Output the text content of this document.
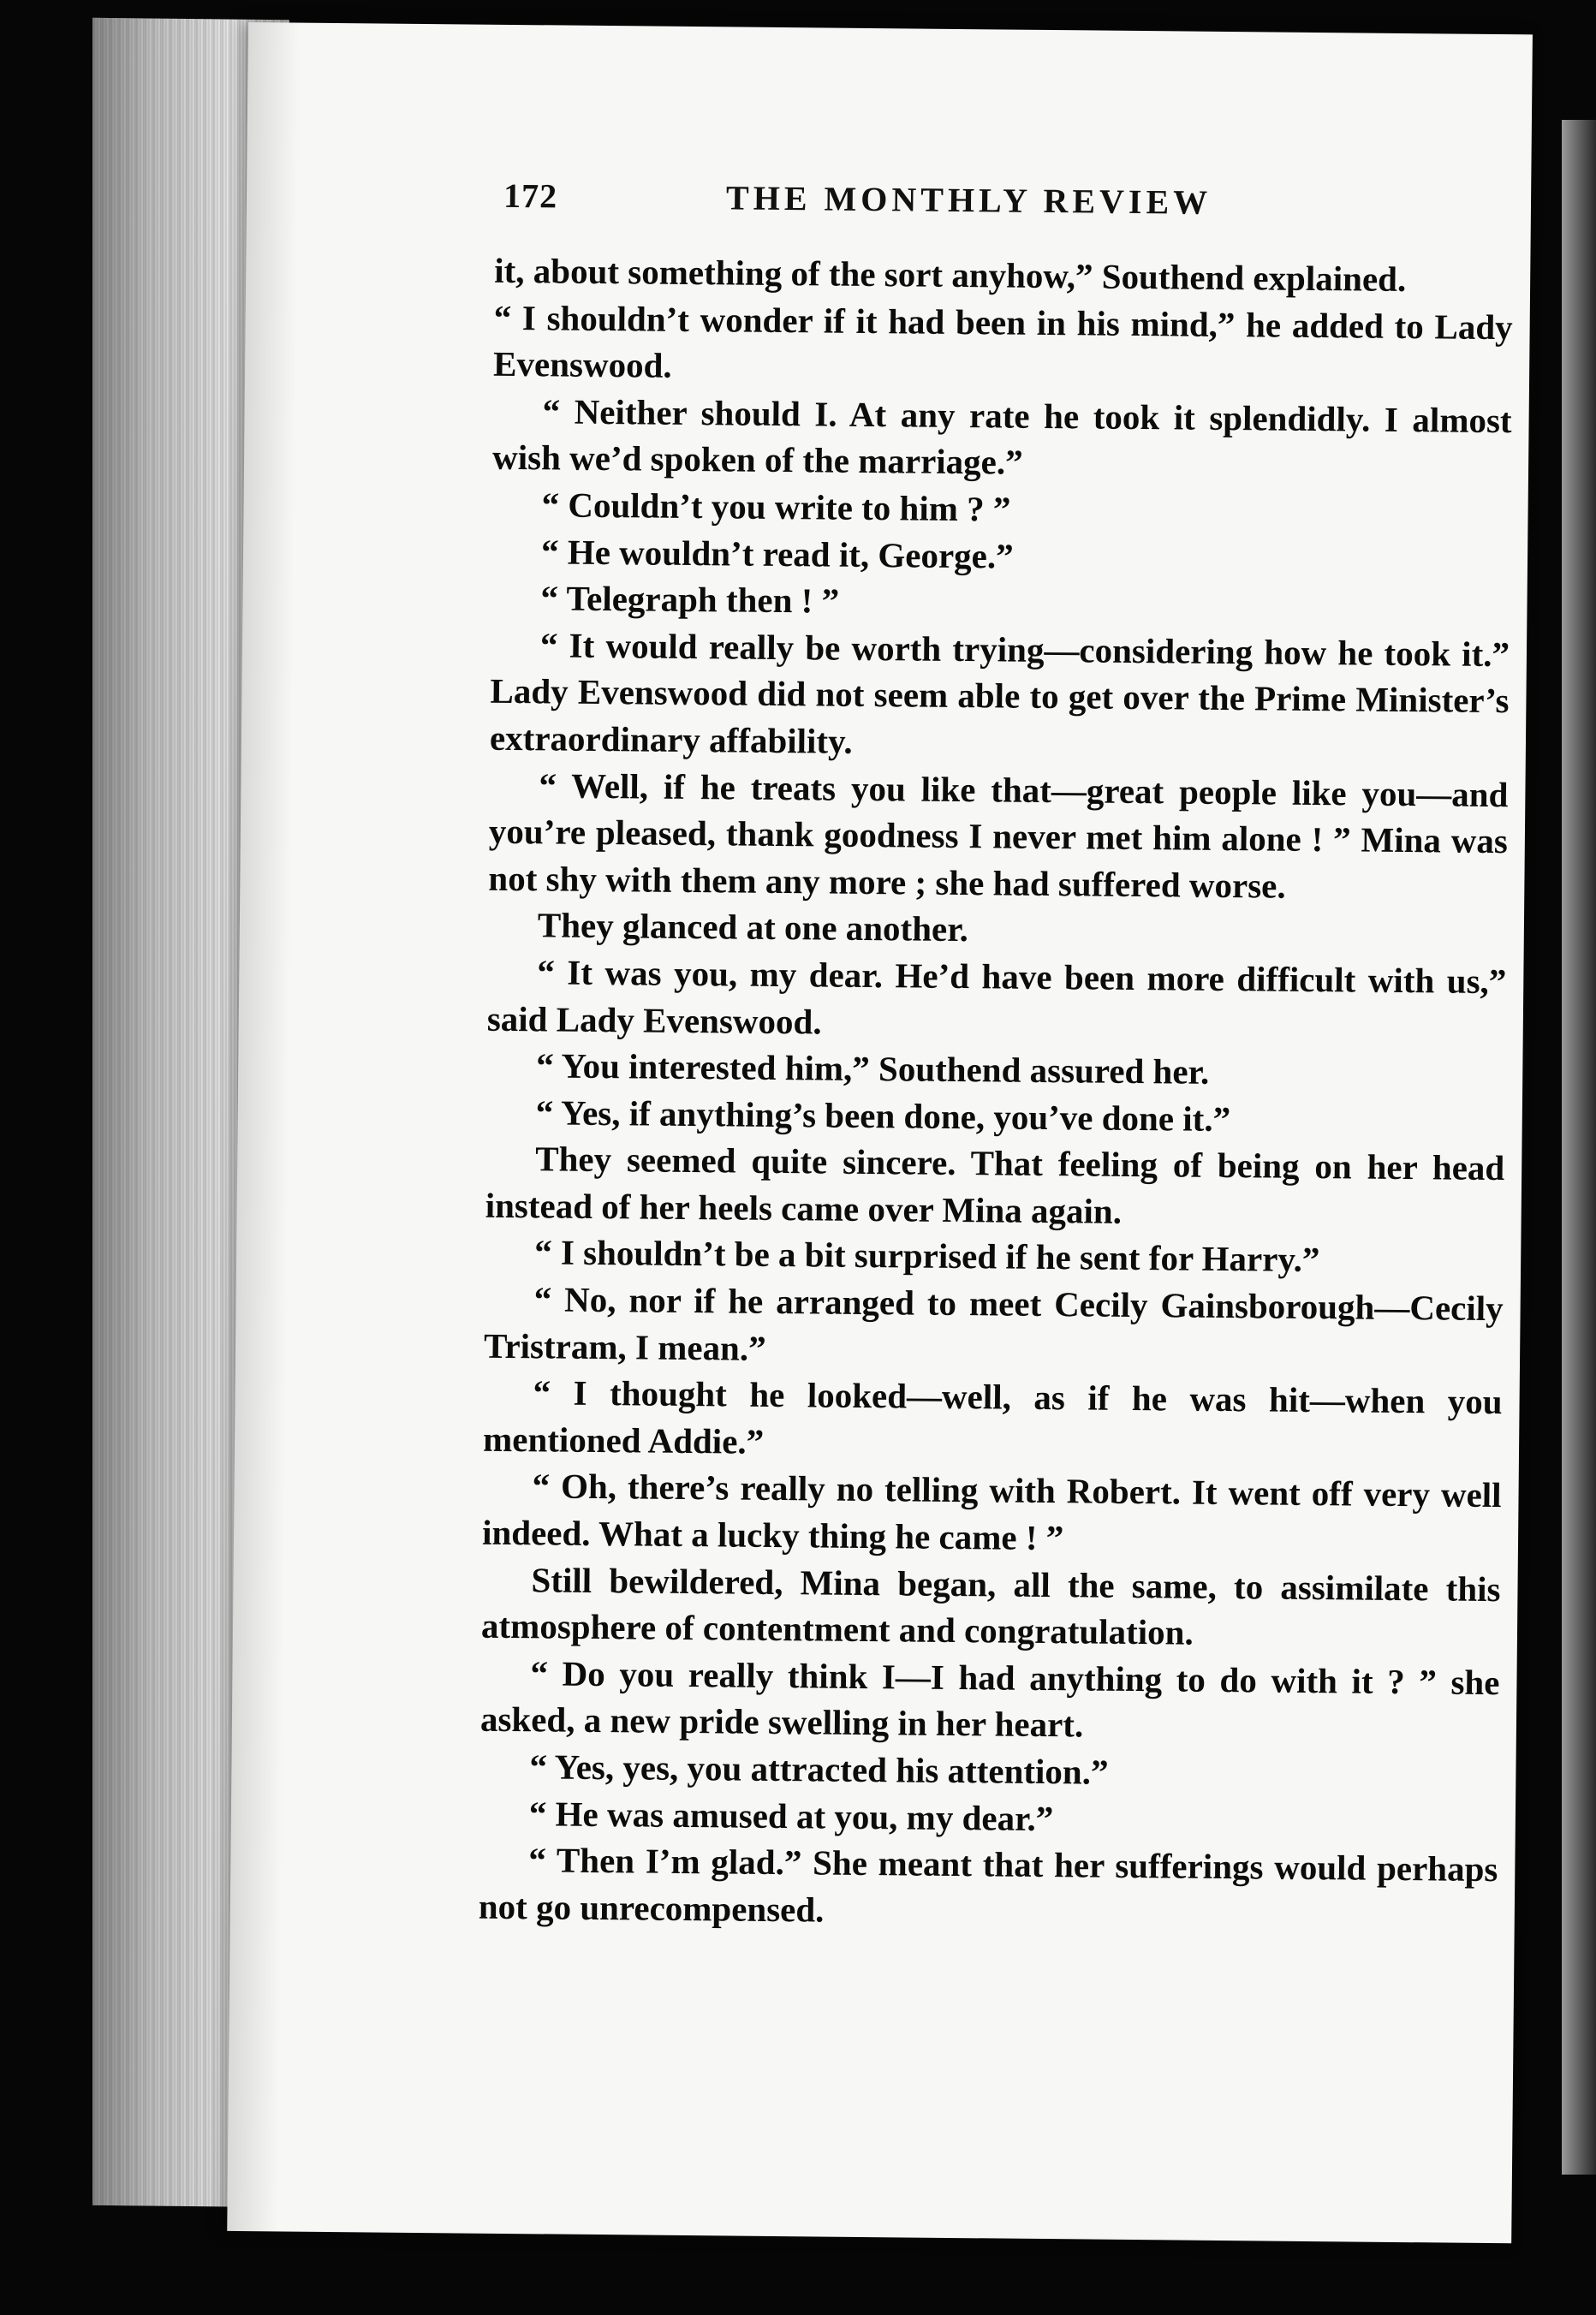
172	THE MONTHLY REVIEW

it, about something of the sort anyhow,” Southend explained.

“ I shouldn’t wonder if it had been in his mind,” he added to Lady Evenswood.

“ Neither should I. At any rate he took it splendidly. I almost wish we’d spoken of the marriage.”

“ Couldn’t you write to him ? ”

“ He wouldn’t read it, George.”

“ Telegraph then ! ”

“ It would really be worth trying—considering how he took it.” Lady Evenswood did not seem able to get over the Prime Minister’s extraordinary affability.

“ Well, if he treats you like that—great people like you—and you’re pleased, thank goodness I never met him alone ! ” Mina was not shy with them any more ; she had suffered worse.

They glanced at one another.

“ It was you, my dear. He’d have been more difficult with us,” said Lady Evenswood.

“ You interested him,” Southend assured her.

“ Yes, if anything’s been done, you’ve done it.”

They seemed quite sincere. That feeling of being on her head instead of her heels came over Mina again.

“ I shouldn’t be a bit surprised if he sent for Harry.”

“ No, nor if he arranged to meet Cecily Gainsborough—Cecily Tristram, I mean.”

“ I thought he looked—well, as if he was hit—when you mentioned Addie.”

“ Oh, there’s really no telling with Robert. It went off very well indeed. What a lucky thing he came ! ”

Still bewildered, Mina began, all the same, to assimilate this atmosphere of contentment and congratulation.

“ Do you really think I—I had anything to do with it ? ” she asked, a new pride swelling in her heart.

“ Yes, yes, you attracted his attention.”

“ He was amused at you, my dear.”

“ Then I’m glad.” She meant that her sufferings would perhaps not go unrecompensed.
